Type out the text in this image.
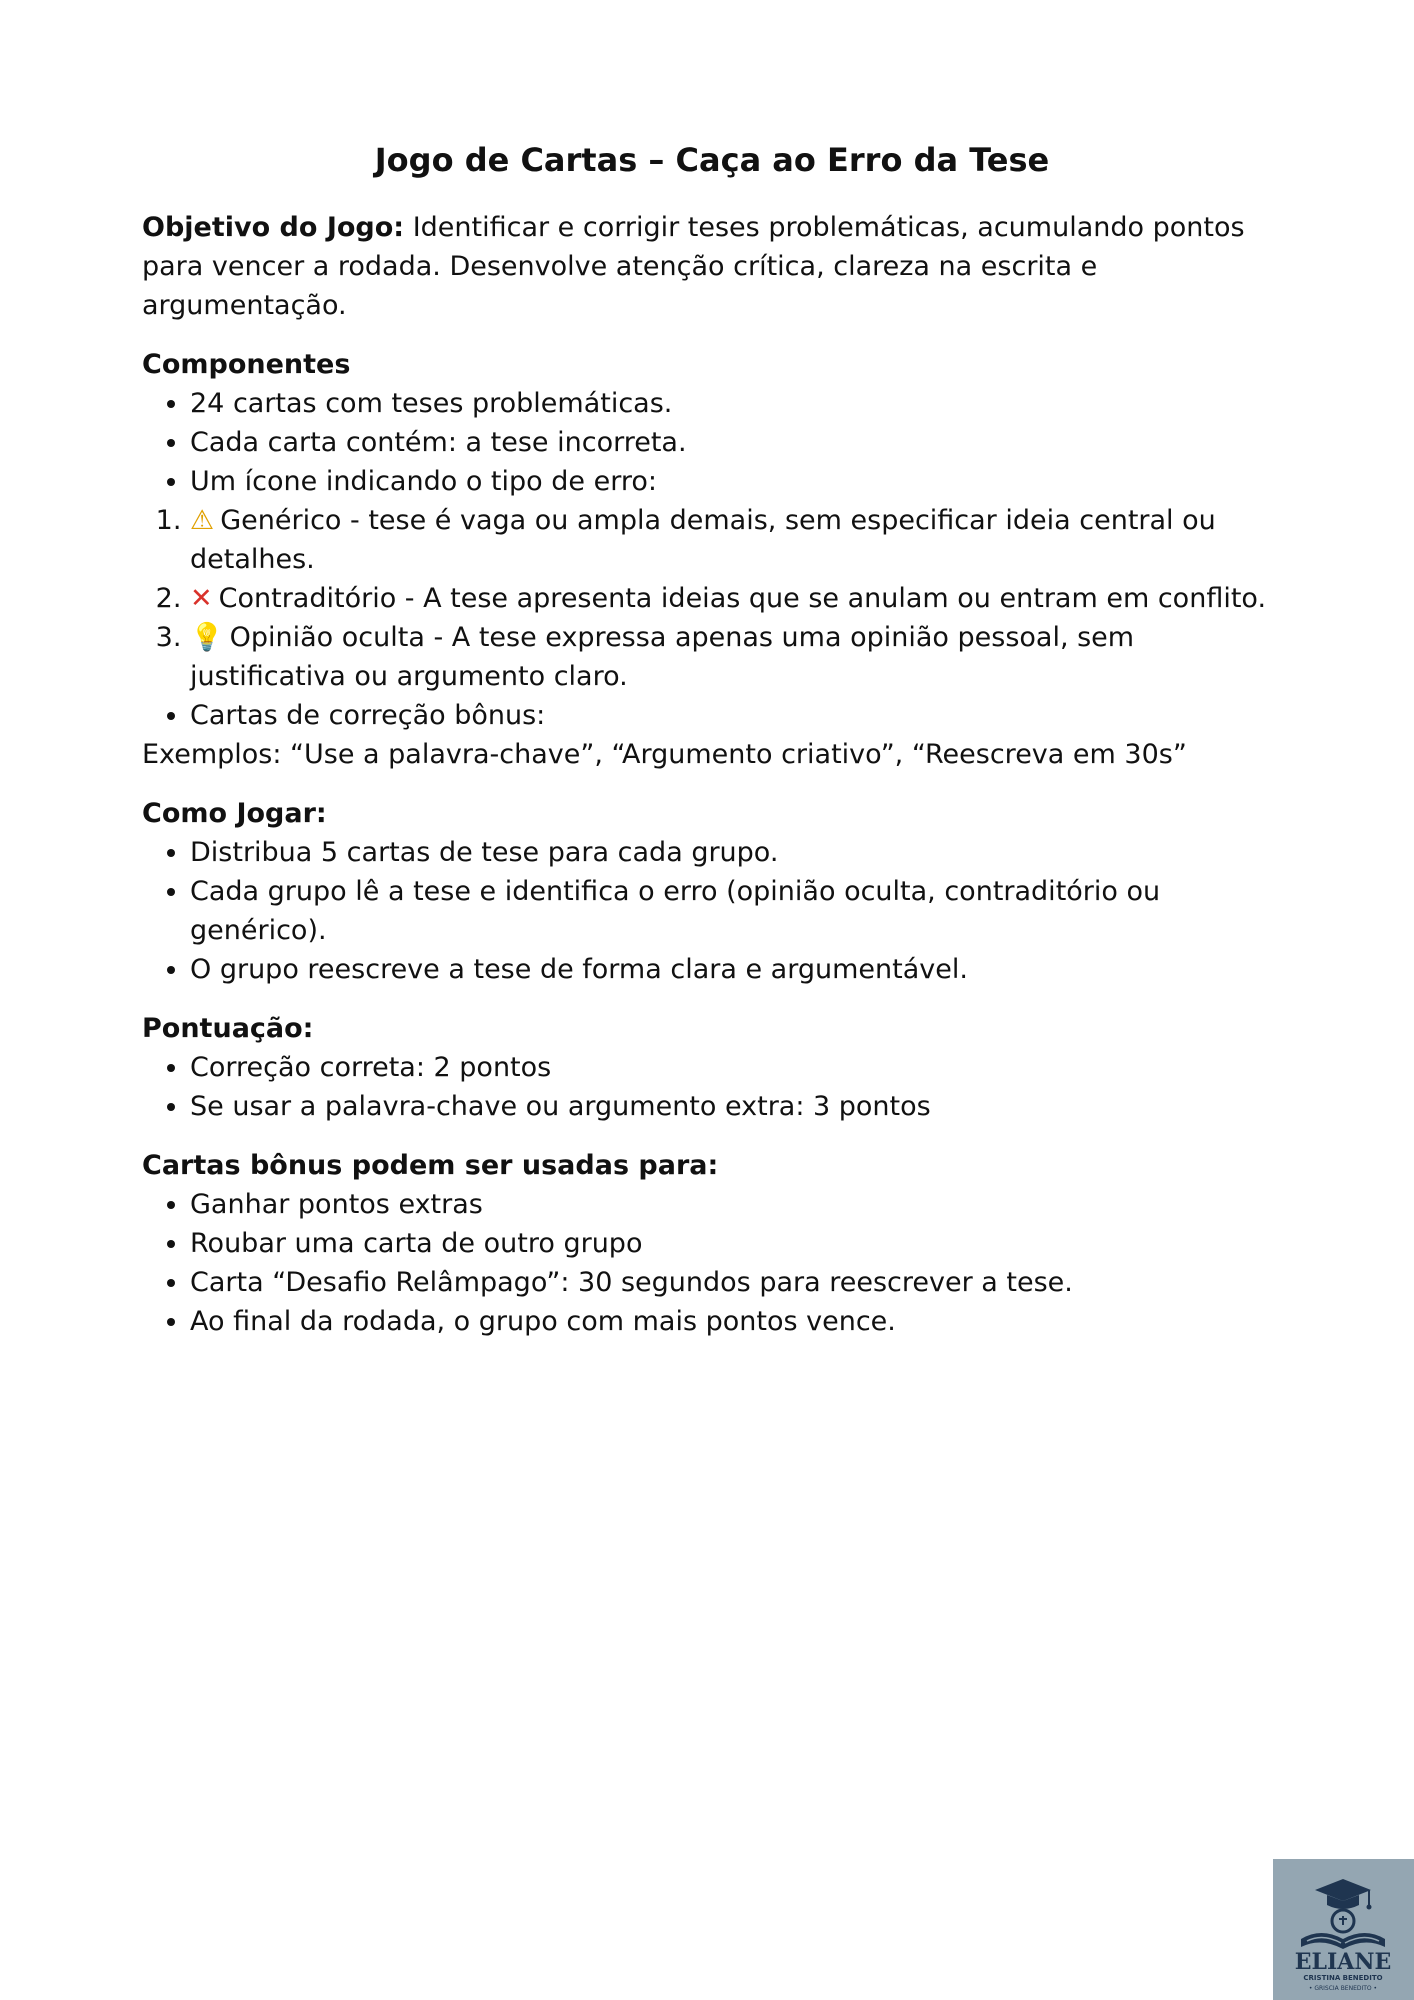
Jogo de Cartas – Caça ao Erro da Tese

Objetivo do Jogo: Identificar e corrigir teses problemáticas, acumulando pontos para vencer a rodada. Desenvolve atenção crítica, clareza na escrita e argumentação.

Componentes

• 24 cartas com teses problemáticas.
• Cada carta contém: a tese incorreta.
• Um ícone indicando o tipo de erro:
1. ⚠ Genérico - tese é vaga ou ampla demais, sem especificar ideia central ou detalhes.
2. ✕ Contraditório - A tese apresenta ideias que se anulam ou entram em conflito.
3. 💡 Opinião oculta - A tese expressa apenas uma opinião pessoal, sem justificativa ou argumento claro.
• Cartas de correção bônus:

Exemplos: “Use a palavra-chave”, “Argumento criativo”, “Reescreva em 30s”

Como Jogar:

• Distribua 5 cartas de tese para cada grupo.
• Cada grupo lê a tese e identifica o erro (opinião oculta, contraditório ou genérico).
• O grupo reescreve a tese de forma clara e argumentável.

Pontuação:

• Correção correta: 2 pontos
• Se usar a palavra-chave ou argumento extra: 3 pontos

Cartas bônus podem ser usadas para:

• Ganhar pontos extras
• Roubar uma carta de outro grupo
• Carta “Desafio Relâmpago”: 30 segundos para reescrever a tese.
• Ao final da rodada, o grupo com mais pontos vence.
ELIANE
CRISTINA BENEDITO
• GRISCIA BENEDITO •
